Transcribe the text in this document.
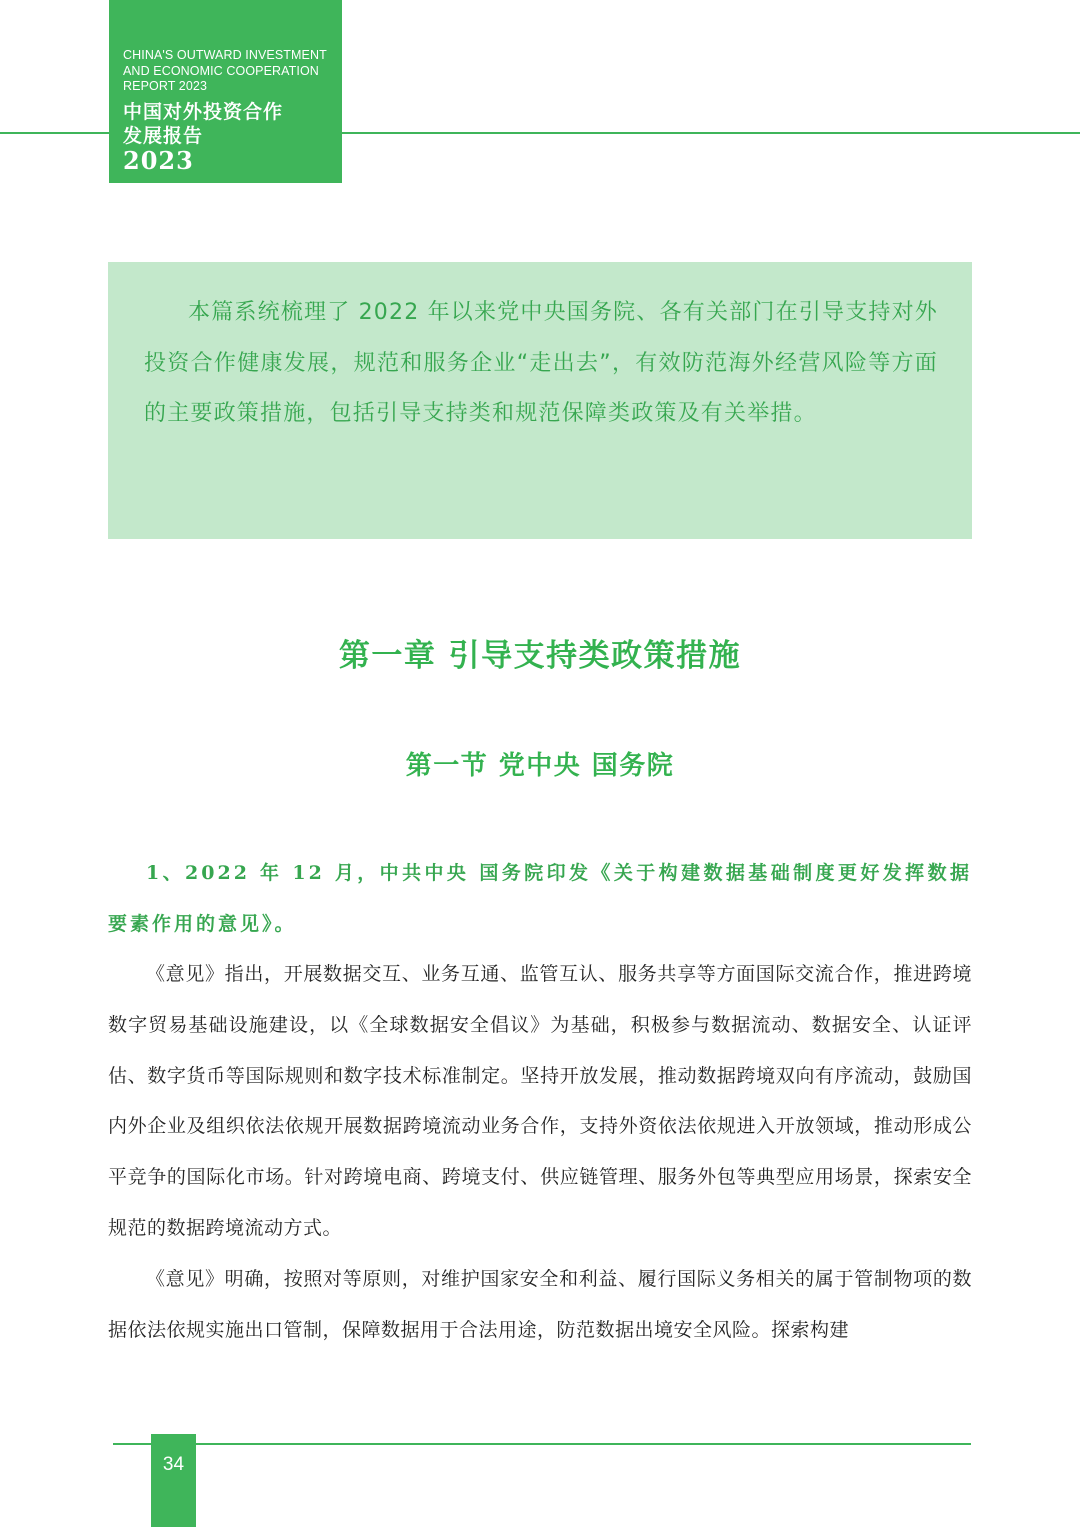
CHINA'S OUTWARD INVESTMENT
AND ECONOMIC COOPERATION
REPORT 2023
中国对外投资合作
发展报告
2023

本篇系统梳理了 2022 年以来党中央国务院、各有关部门在引导支持对外投资合作健康发展，规范和服务企业“走出去”，有效防范海外经营风险等方面的主要政策措施，包括引导支持类和规范保障类政策及有关举措。

第一章 引导支持类政策措施
第一节 党中央 国务院

1、2022 年 12 月，中共中央 国务院印发《关于构建数据基础制度更好发挥数据要素作用的意见》。

《意见》指出，开展数据交互、业务互通、监管互认、服务共享等方面国际交流合作，推进跨境数字贸易基础设施建设，以《全球数据安全倡议》为基础，积极参与数据流动、数据安全、认证评估、数字货币等国际规则和数字技术标准制定。坚持开放发展，推动数据跨境双向有序流动，鼓励国内外企业及组织依法依规开展数据跨境流动业务合作，支持外资依法依规进入开放领域，推动形成公平竞争的国际化市场。针对跨境电商、跨境支付、供应链管理、服务外包等典型应用场景，探索安全规范的数据跨境流动方式。

《意见》明确，按照对等原则，对维护国家安全和利益、履行国际义务相关的属于管制物项的数据依法依规实施出口管制，保障数据用于合法用途，防范数据出境安全风险。探索构建

34
